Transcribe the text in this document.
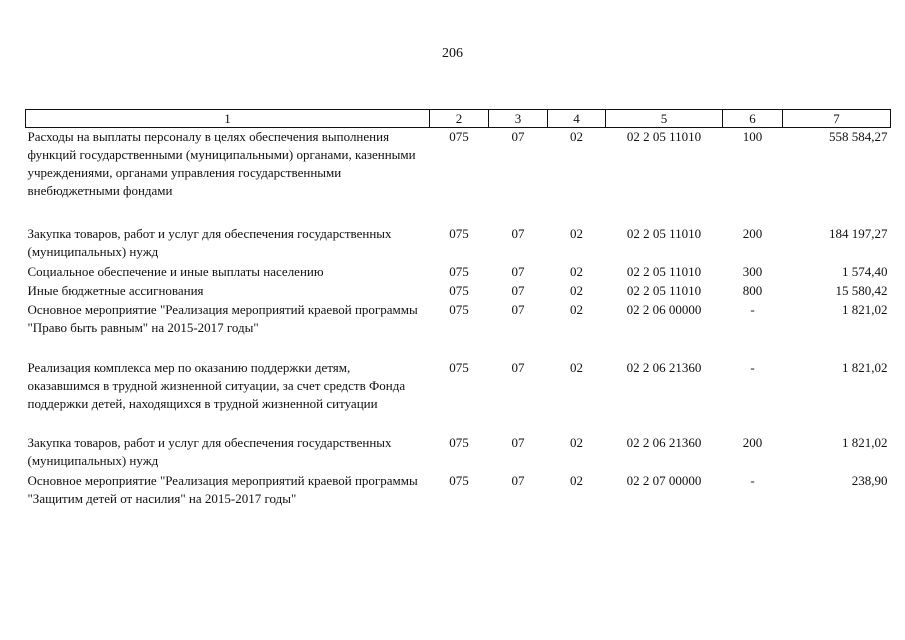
206
1	2	3	4	5	6	7
Расходы на выплаты персоналу в целях обеспечения выполнения функций государственными (муниципальными) органами, казенными учреждениями, органами управления государственными внебюджетными фондами	075	07	02	02 2 05 11010	100	558 584,27
Закупка товаров, работ и услуг для обеспечения государственных (муниципальных) нужд	075	07	02	02 2 05 11010	200	184 197,27
Социальное обеспечение и иные выплаты населению	075	07	02	02 2 05 11010	300	1 574,40
Иные бюджетные ассигнования	075	07	02	02 2 05 11010	800	15 580,42
Основное мероприятие "Реализация мероприятий краевой программы "Право быть равным" на 2015-2017 годы"	075	07	02	02 2 06 00000	-	1 821,02
Реализация комплекса мер по оказанию поддержки детям, оказавшимся в трудной жизненной ситуации, за счет средств Фонда поддержки детей, находящихся в трудной жизненной ситуации	075	07	02	02 2 06 21360	-	1 821,02
Закупка товаров, работ и услуг для обеспечения государственных (муниципальных) нужд	075	07	02	02 2 06 21360	200	1 821,02
Основное мероприятие "Реализация мероприятий краевой программы "Защитим детей от насилия" на 2015-2017 годы"	075	07	02	02 2 07 00000	-	238,90
